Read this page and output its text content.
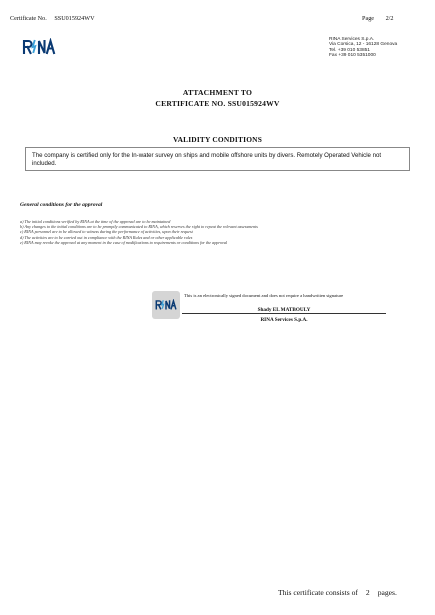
Certificate No. SSU015924WV	Page 2/2
RINA Services S.p.A.
Via Corsica, 12 - 16128 Genova
Tel. +39 010 53851
Fax +39 010 5351000
ATTACHMENT TO
CERTIFICATE NO. SSU015924WV
VALIDITY CONDITIONS
The company is certified only for the In-water survey on ships and mobile offshore units by divers. Remotely Operated Vehicle not included.
General conditions for the approval
a) The initial conditions verified by RINA at the time of the approval are to be maintained
b) Any changes to the initial conditions are to be promptly communicated to RINA, which reserves the right to repeat the relevant assessments
c) RINA personnel are to be allowed to witness during the performance of activities, upon their request
d) The activities are to be carried out in compliance with the RINA Rules and or other applicable rules
e) RINA may revoke the approval at any moment in the case of modifications to requirements or conditions for the approval
This is an electronically signed document and does not require a handwritten signature
Shady EL MATBOULY
RINA Services S.p.A.
This certificate consists of 2 pages.
